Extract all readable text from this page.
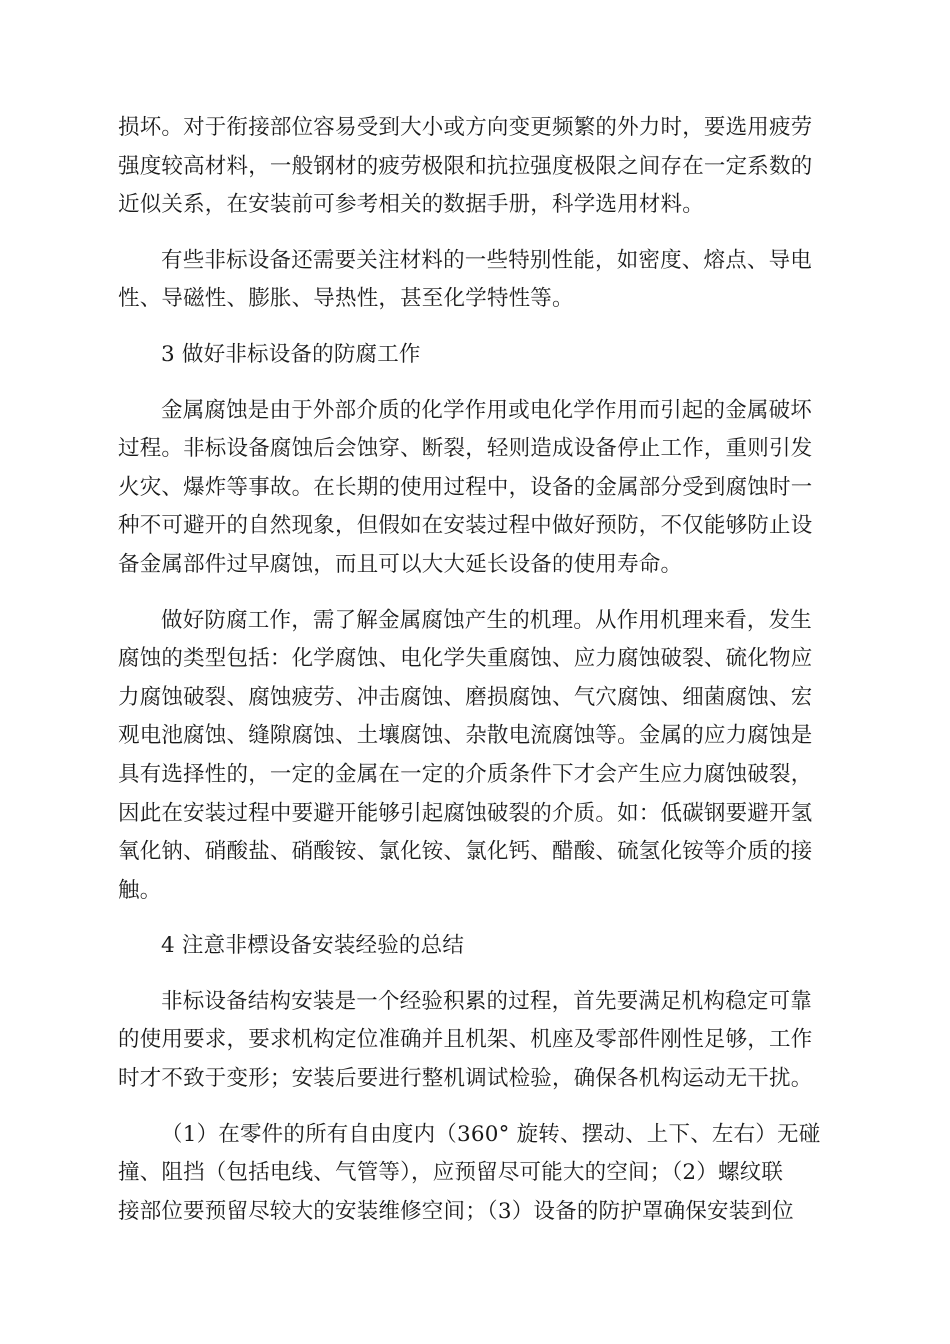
损坏。对于衔接部位容易受到大小或方向变更频繁的外力时，要选用疲劳
强度较高材料，一般钢材的疲劳极限和抗拉强度极限之间存在一定系数的
近似关系，在安装前可参考相关的数据手册，科学选用材料。
有些非标设备还需要关注材料的一些特别性能，如密度、熔点、导电
性、导磁性、膨胀、导热性，甚至化学特性等。
3 做好非标设备的防腐工作
金属腐蚀是由于外部介质的化学作用或电化学作用而引起的金属破坏
过程。非标设备腐蚀后会蚀穿、断裂，轻则造成设备停止工作，重则引发
火灾、爆炸等事故。在长期的使用过程中，设备的金属部分受到腐蚀时一
种不可避开的自然现象，但假如在安装过程中做好预防，不仅能够防止设
备金属部件过早腐蚀，而且可以大大延长设备的使用寿命。
做好防腐工作，需了解金属腐蚀产生的机理。从作用机理来看，发生
腐蚀的类型包括：化学腐蚀、电化学失重腐蚀、应力腐蚀破裂、硫化物应
力腐蚀破裂、腐蚀疲劳、冲击腐蚀、磨损腐蚀、气穴腐蚀、细菌腐蚀、宏
观电池腐蚀、缝隙腐蚀、土壤腐蚀、杂散电流腐蚀等。金属的应力腐蚀是
具有选择性的，一定的金属在一定的介质条件下才会产生应力腐蚀破裂，
因此在安装过程中要避开能够引起腐蚀破裂的介质。如：低碳钢要避开氢
氧化钠、硝酸盐、硝酸铵、氯化铵、氯化钙、醋酸、硫氢化铵等介质的接
触。
4 注意非標设备安装经验的总结
非标设备结构安装是一个经验积累的过程，首先要满足机构稳定可靠
的使用要求，要求机构定位准确并且机架、机座及零部件刚性足够，工作
时才不致于变形；安装后要进行整机调试检验，确保各机构运动无干扰。
（1）在零件的所有自由度内（360° 旋转、摆动、上下、左右）无碰
撞、阻挡（包括电线、气管等），应预留尽可能大的空间；（2）螺纹联
接部位要预留尽较大的安装维修空间；（3）设备的防护罩确保安装到位
